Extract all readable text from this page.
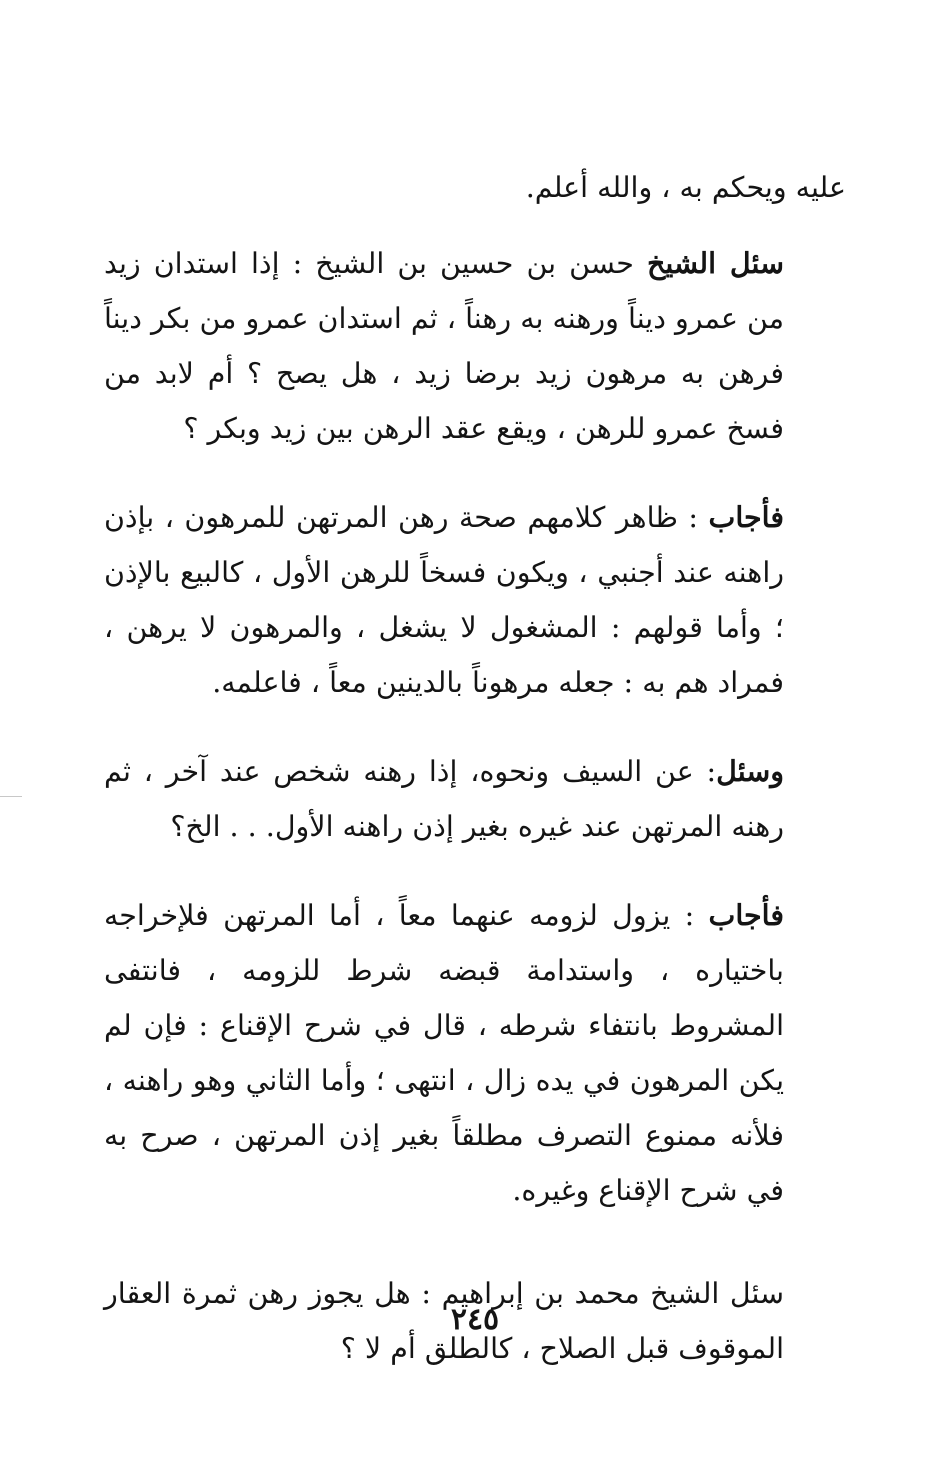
عليه ويحكم به ، والله أعلم.

سئل الشيخ حسن بن حسين بن الشيخ : إذا استدان زيد من عمرو ديناً ورهنه به رهناً ، ثم استدان عمرو من بكر ديناً فرهن به مرهون زيد برضا زيد ، هل يصح ؟ أم لابد من فسخ عمرو للرهن ، ويقع عقد الرهن بين زيد وبكر ؟

فأجاب : ظاهر كلامهم صحة رهن المرتهن للمرهون ، بإذن راهنه عند أجنبي ، ويكون فسخاً للرهن الأول ، كالبيع بالإذن ؛ وأما قولهم : المشغول لا يشغل ، والمرهون لا يرهن ، فمراد هم به : جعله مرهوناً بالدينين معاً ، فاعلمه.

وسئل: عن السيف ونحوه، إذا رهنه شخص عند آخر ، ثم رهنه المرتهن عند غيره بغير إذن راهنه الأول. . . الخ؟

فأجاب : يزول لزومه عنهما معاً ، أما المرتهن فلإخراجه باختياره ، واستدامة قبضه شرط للزومه ، فانتفى المشروط بانتفاء شرطه ، قال في شرح الإقناع : فإن لم يكن المرهون في يده زال ، انتهى ؛ وأما الثاني وهو راهنه ، فلأنه ممنوع التصرف مطلقاً بغير إذن المرتهن ، صرح به في شرح الإقناع وغيره.

سئل الشيخ محمد بن إبراهيم : هل يجوز رهن ثمرة العقار الموقوف قبل الصلاح ، كالطلق أم لا ؟

٢٤٥
